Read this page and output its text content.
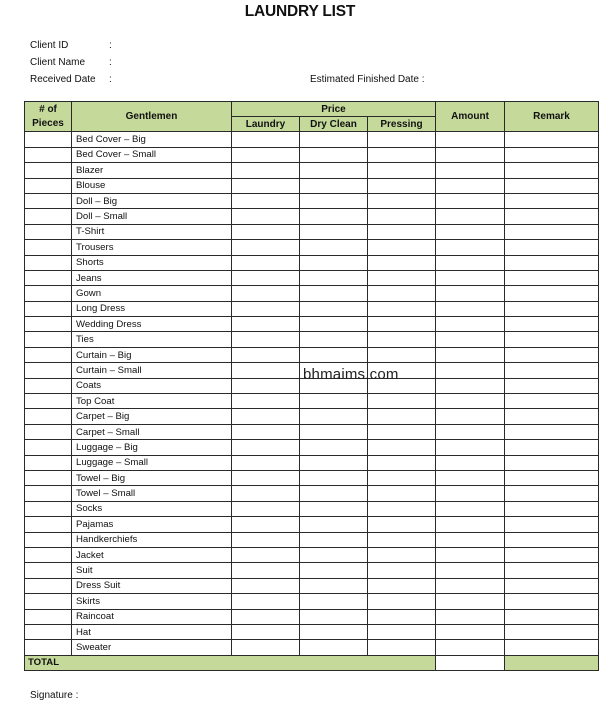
LAUNDRY LIST
Client ID	:
Client Name :
Received Date :	Estimated Finished Date :
# of
Pieces	Gentlemen	Price			Amount	Remark
		Laundry	Dry Clean	Pressing		
	Bed Cover – Big					
	Bed Cover – Small					
	Blazer					
	Blouse					
	Doll – Big					
	Doll – Small					
	T-Shirt					
	Trousers					
	Shorts					
	Jeans					
	Gown					
	Long Dress					
	Wedding Dress					
	Ties					
	Curtain – Big					
	Curtain – Small					
	Coats					
	Top Coat					
	Carpet – Big					
	Carpet – Small					
	Luggage – Big					
	Luggage – Small					
	Towel – Big					
	Towel – Small					
	Socks					
	Pajamas					
	Handkerchiefs					
	Jacket					
	Suit					
	Dress Suit					
	Skirts					
	Raincoat					
	Hat					
	Sweater					
TOTAL						
bhmaims.com
Signature :
